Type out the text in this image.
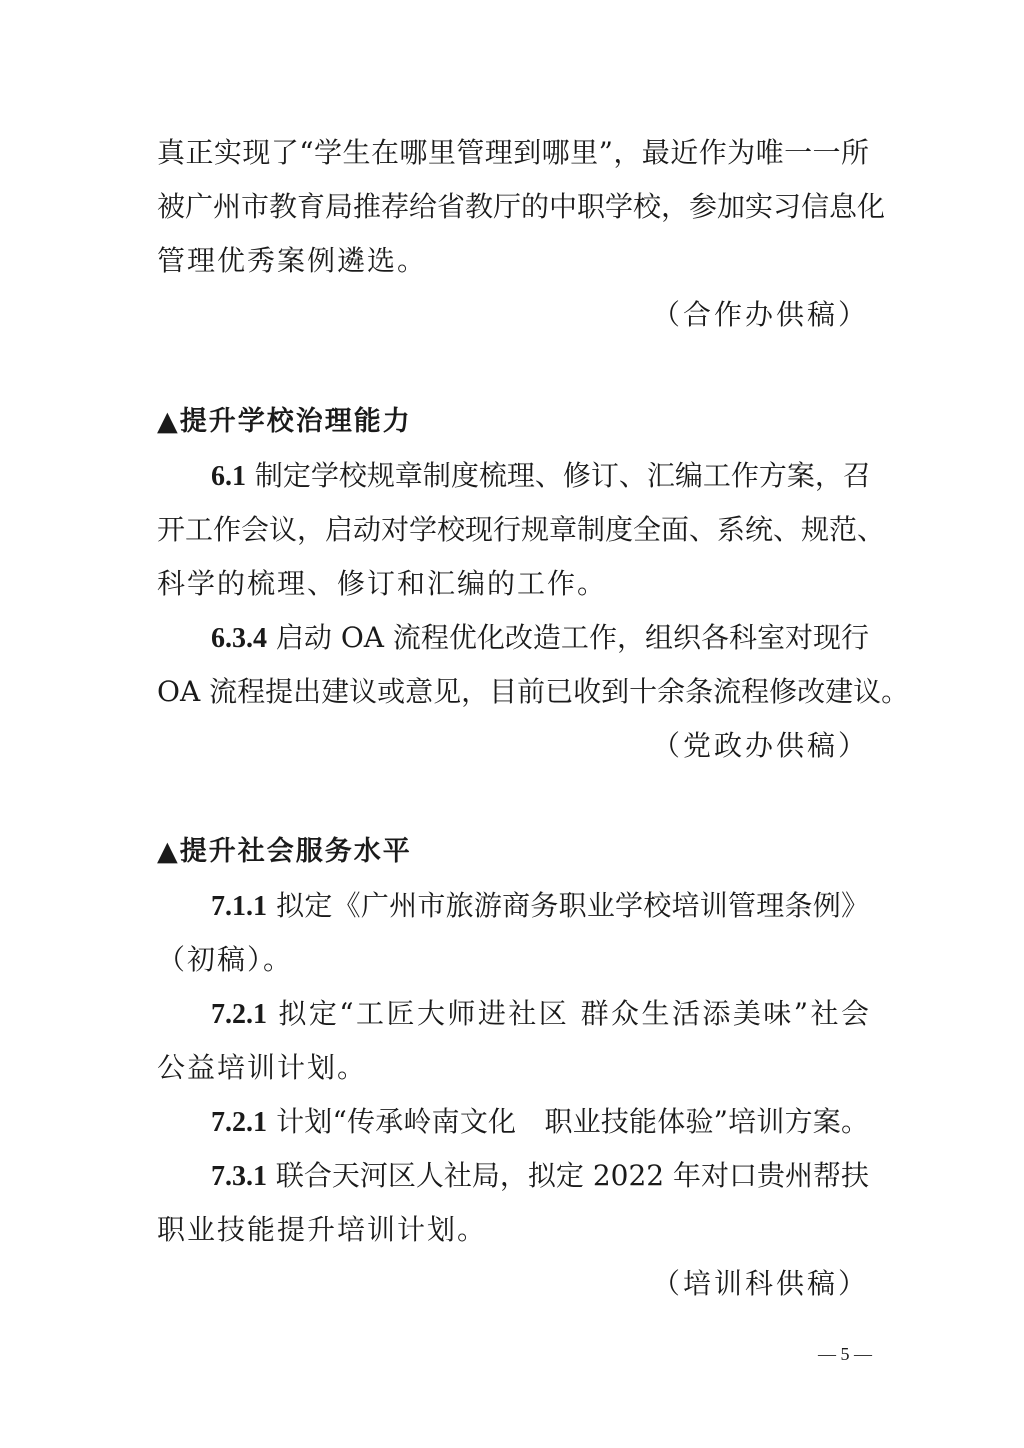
真正实现了“学生在哪里管理到哪里”，最近作为唯一一所
被广州市教育局推荐给省教厅的中职学校，参加实习信息化
管理优秀案例遴选。
（合作办供稿）
▲提升学校治理能力
6.1 制定学校规章制度梳理、修订、汇编工作方案，召
开工作会议，启动对学校现行规章制度全面、系统、规范、
科学的梳理、修订和汇编的工作。
6.3.4 启动 OA 流程优化改造工作，组织各科室对现行
OA 流程提出建议或意见，目前已收到十余条流程修改建议。
（党政办供稿）
▲提升社会服务水平
7.1.1 拟定《广州市旅游商务职业学校培训管理条例》
（初稿）。
7.2.1 拟定“工匠大师进社区 群众生活添美味”社会
公益培训计划。
7.2.1 计划“传承岭南文化　职业技能体验”培训方案。
7.3.1 联合天河区人社局，拟定 2022 年对口贵州帮扶
职业技能提升培训计划。
（培训科供稿）
— 5 —
